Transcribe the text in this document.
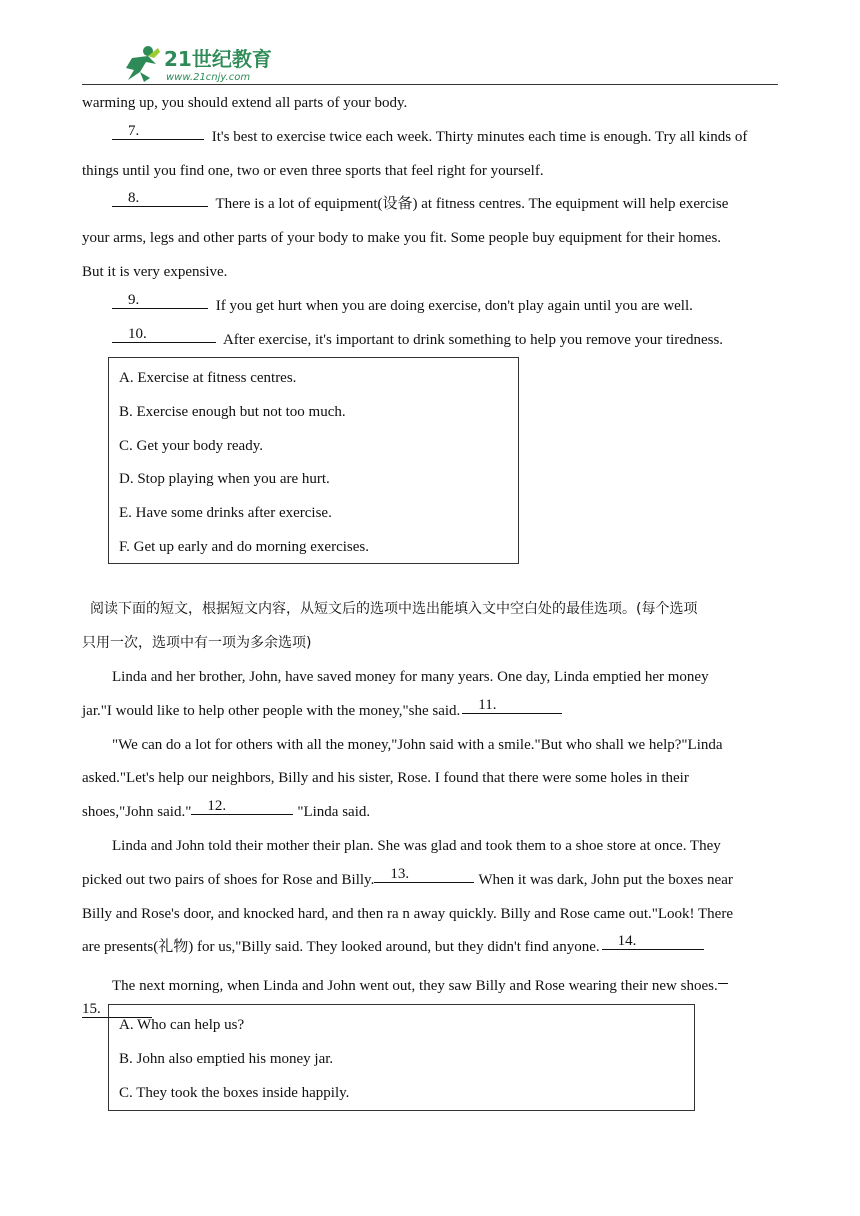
21世纪教育
www.21cnjy.com
warming up, you should extend all parts of your body.
7.	It's best to exercise twice each week. Thirty minutes each time is enough. Try all kinds of
things until you find one, two or even three sports that feel right for yourself.
8.	There is a lot of equipment(设备) at fitness centres. The equipment will help exercise
your arms, legs and other parts of your body to make you fit. Some people buy equipment for their homes.
But it is very expensive.
9.	If you get hurt when you are doing exercise, don't play again until you are well.
10.	After exercise, it's important to drink something to help you remove your tiredness.
阅读下面的短文，根据短文内容，从短文后的选项中选出能填入文中空白处的最佳选项。(每个选项
只用一次，选项中有一项为多余选项)
Linda and her brother, John, have saved money for many years. One day, Linda emptied her money
jar."I would like to help other people with the money,"she said. 11.
"We can do a lot for others with all the money,"John said with a smile."But who shall we help?"Linda
asked."Let's help our neighbors, Billy and his sister, Rose. I found that there were some holes in their
shoes,"John said." 12.	"Linda said.
Linda and John told their mother their plan. She was glad and took them to a shoe store at once. They
picked out two pairs of shoes for Rose and Billy. 13.	When it was dark, John put the boxes near
Billy and Rose's door, and knocked hard, and then ra n away quickly. Billy and Rose came out."Look! There
are presents(礼物) for us,"Billy said. They looked around, but they didn't find anyone. 14.
The next morning, when Linda and John went out, they saw Billy and Rose wearing their new shoes.
15.
A. Exercise at fitness centres.
B. Exercise enough but not too much.
C. Get your body ready.
D. Stop playing when you are hurt.
E. Have some drinks after exercise.
F. Get up early and do morning exercises.
A. Who can help us?
B. John also emptied his money jar.
C. They took the boxes inside happily.
